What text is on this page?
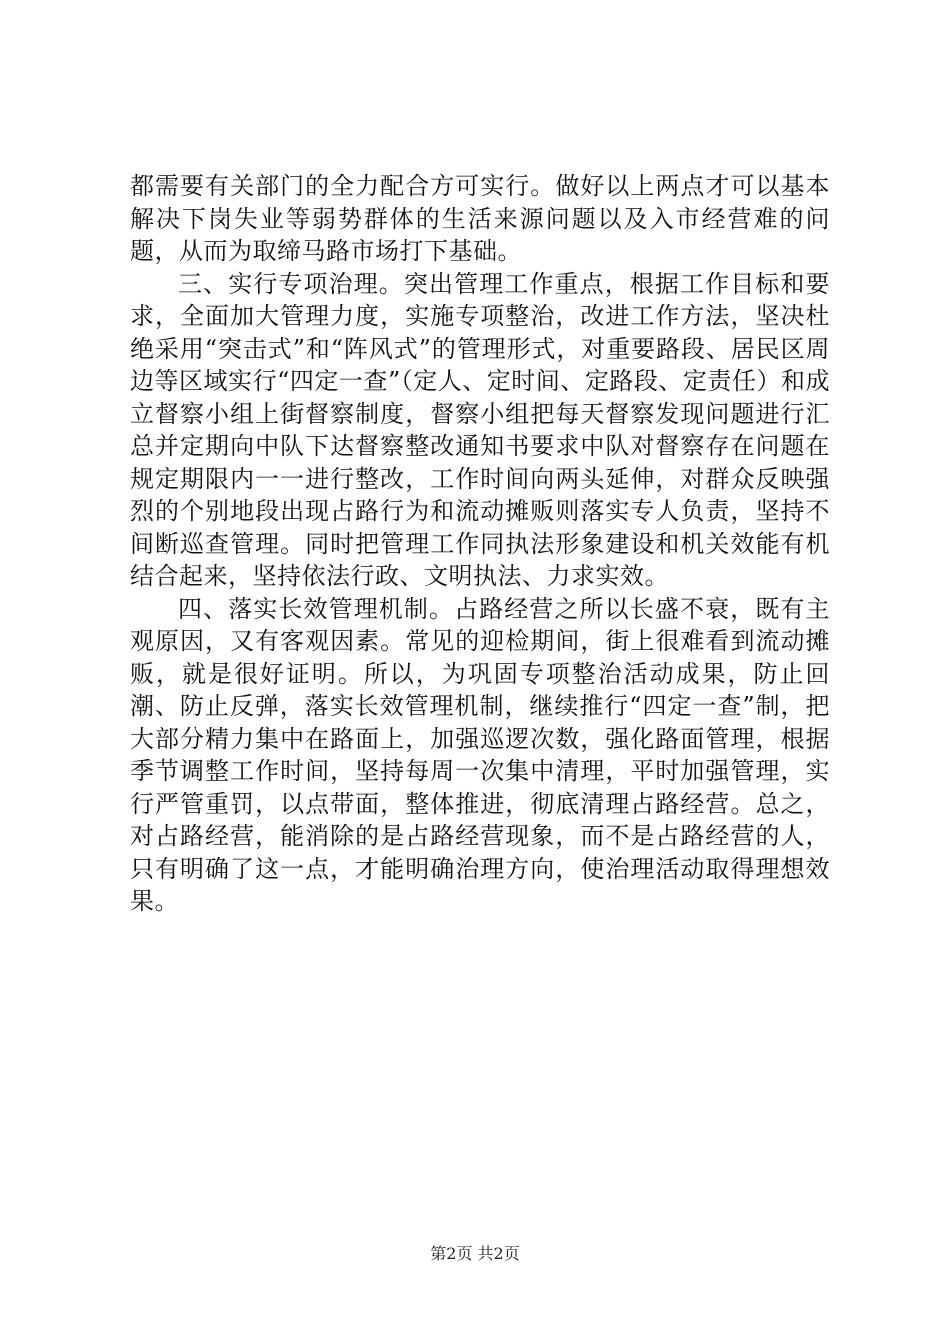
都需要有关部门的全力配合方可实行。做好以上两点才可以基本解决下岗失业等弱势群体的生活来源问题以及入市经营难的问题，从而为取缔马路市场打下基础。

三、实行专项治理。突出管理工作重点，根据工作目标和要求，全面加大管理力度，实施专项整治，改进工作方法，坚决杜绝采用“突击式”和“阵风式”的管理形式，对重要路段、居民区周边等区域实行“四定一查”（定人、定时间、定路段、定责任）和成立督察小组上街督察制度，督察小组把每天督察发现问题进行汇总并定期向中队下达督察整改通知书要求中队对督察存在问题在规定期限内一一进行整改，工作时间向两头延伸，对群众反映强烈的个别地段出现占路行为和流动摊贩则落实专人负责，坚持不间断巡查管理。同时把管理工作同执法形象建设和机关效能有机结合起来，坚持依法行政、文明执法、力求实效。

四、落实长效管理机制。占路经营之所以长盛不衰，既有主观原因，又有客观因素。常见的迎检期间，街上很难看到流动摊贩，就是很好证明。所以，为巩固专项整治活动成果，防止回潮、防止反弹，落实长效管理机制，继续推行“四定一查”制，把大部分精力集中在路面上，加强巡逻次数，强化路面管理，根据季节调整工作时间，坚持每周一次集中清理，平时加强管理，实行严管重罚，以点带面，整体推进，彻底清理占路经营。总之，对占路经营，能消除的是占路经营现象，而不是占路经营的人，只有明确了这一点，才能明确治理方向，使治理活动取得理想效果。

第2页 共2页
